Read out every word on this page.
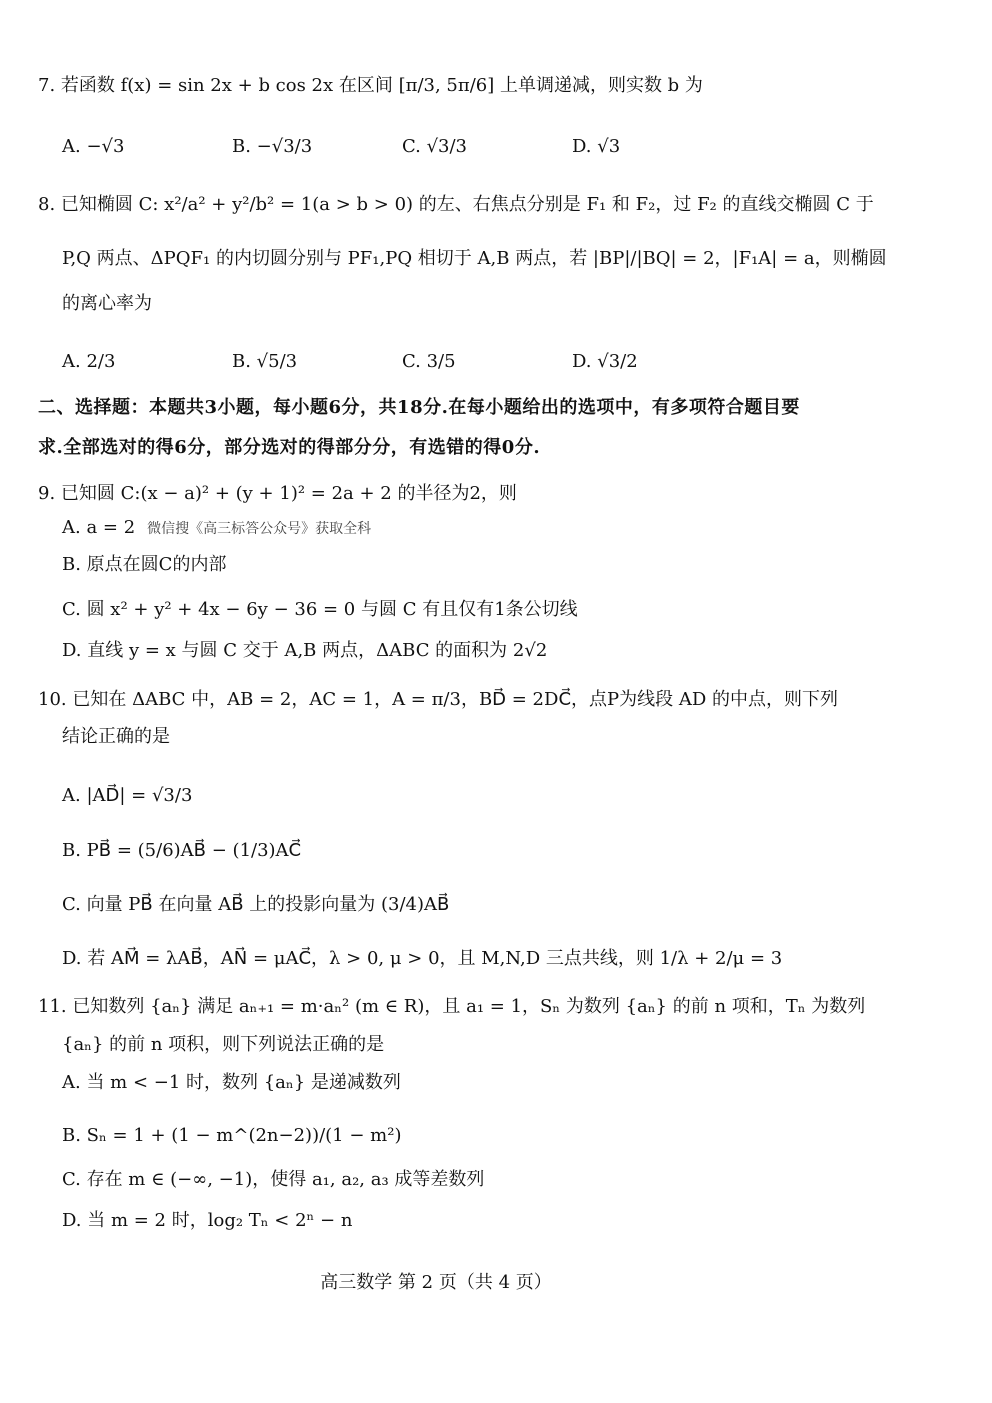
7. 若函数 f(x) = sin 2x + b cos 2x 在区间 [π/3, 5π/6] 上单调递减，则实数 b 为
A. −√3	B. −√3/3	C. √3/3	D. √3
8. 已知椭圆 C: x²/a² + y²/b² = 1(a > b > 0) 的左、右焦点分别是 F₁ 和 F₂，过 F₂ 的直线交椭圆 C 于
P,Q 两点、ΔPQF₁ 的内切圆分别与 PF₁,PQ 相切于 A,B 两点，若 |BP|/|BQ| = 2，|F₁A| = a，则椭圆
的离心率为
A. 2/3	B. √5/3	C. 3/5	D. √3/2
二、选择题：本题共3小题，每小题6分，共18分.在每小题给出的选项中，有多项符合题目要
求.全部选对的得6分，部分选对的得部分分，有选错的得0分.
9. 已知圆 C:(x − a)² + (y + 1)² = 2a + 2 的半径为2，则
A. a = 2 微信搜《高三标答公众号》获取全科
B. 原点在圆C的内部
C. 圆 x² + y² + 4x − 6y − 36 = 0 与圆 C 有且仅有1条公切线
D. 直线 y = x 与圆 C 交于 A,B 两点，ΔABC 的面积为 2√2
10. 已知在 ΔABC 中，AB = 2，AC = 1，A = π/3，BD⃗ = 2DC⃗，点P为线段 AD 的中点，则下列
结论正确的是
A. |AD⃗| = √3/3
B. PB⃗ = (5/6)AB⃗ − (1/3)AC⃗
C. 向量 PB⃗ 在向量 AB⃗ 上的投影向量为 (3/4)AB⃗
D. 若 AM⃗ = λAB⃗，AN⃗ = μAC⃗，λ > 0, μ > 0，且 M,N,D 三点共线，则 1/λ + 2/μ = 3
11. 已知数列 {aₙ} 满足 aₙ₊₁ = m·aₙ² (m ∈ R)，且 a₁ = 1，Sₙ 为数列 {aₙ} 的前 n 项和，Tₙ 为数列
{aₙ} 的前 n 项积，则下列说法正确的是
A. 当 m < −1 时，数列 {aₙ} 是递减数列
B. Sₙ = 1 + (1 − m^(2n−2))/(1 − m²)
C. 存在 m ∈ (−∞, −1)，使得 a₁, a₂, a₃ 成等差数列
D. 当 m = 2 时，log₂ Tₙ < 2ⁿ − n
高三数学 第 2 页（共 4 页）
